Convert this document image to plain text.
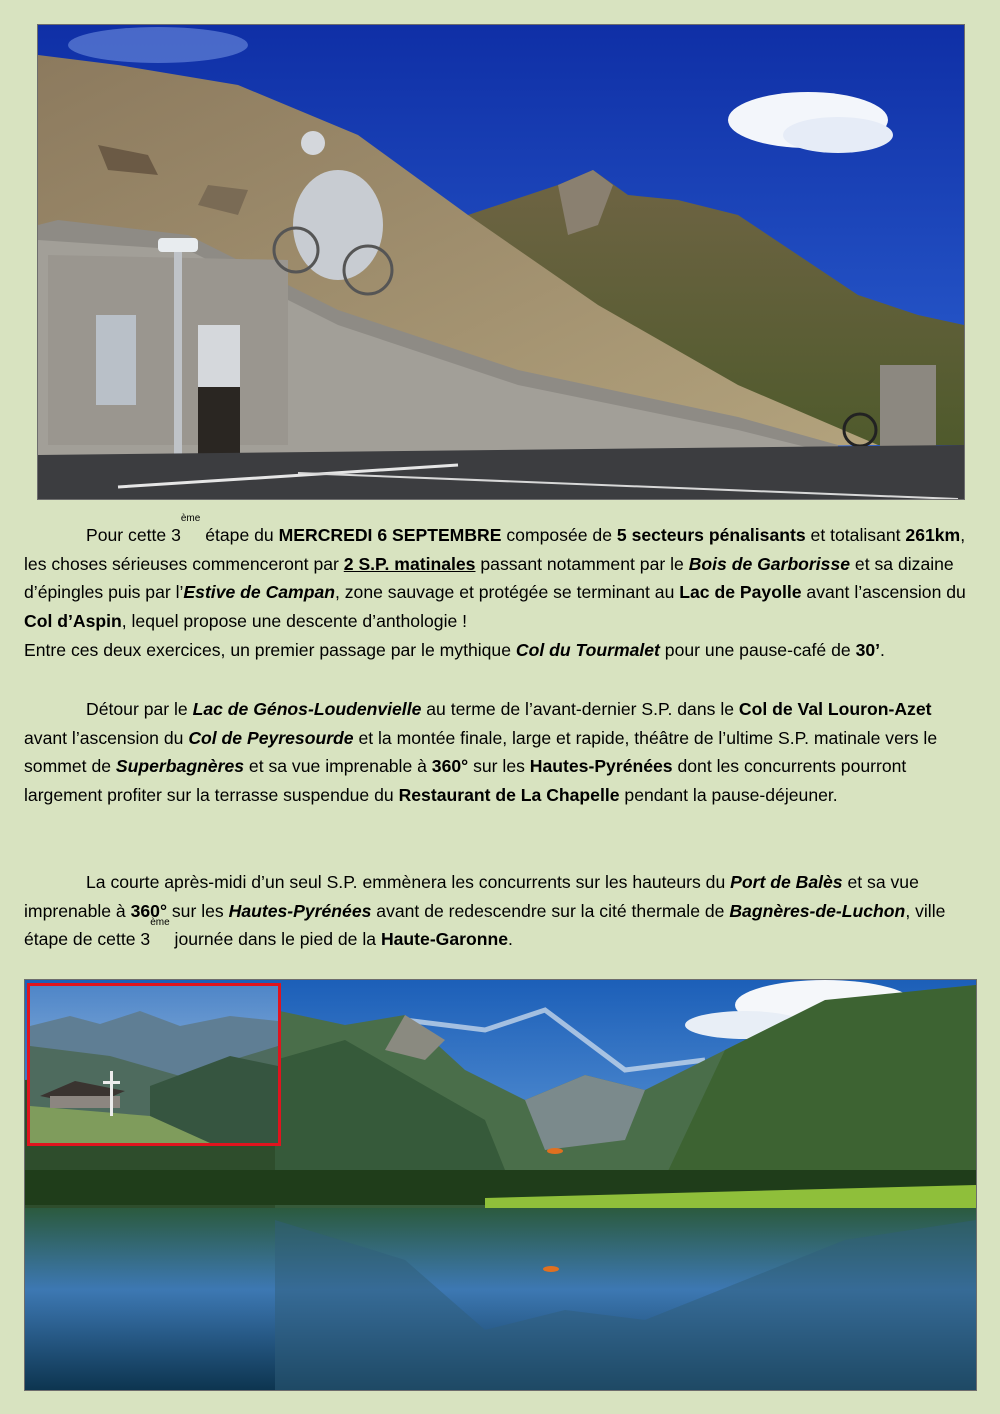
Pour cette 3ème étape du MERCREDI 6 SEPTEMBRE composée de 5 secteurs pénalisants et totalisant 261km, les choses sérieuses commenceront par 2 S.P. matinales passant notamment par le Bois de Garborisse et sa dizaine d’épingles puis par l’Estive de Campan, zone sauvage et protégée se terminant au Lac de Payolle avant l’ascension du Col d’Aspin, lequel propose une descente d’anthologie !

Entre ces deux exercices, un premier passage par le mythique Col du Tourmalet pour une pause-café de 30’.

Détour par le Lac de Génos-Loudenvielle au terme de l’avant-dernier S.P. dans le Col de Val Louron-Azet avant l’ascension du Col de Peyresourde et la montée finale, large et rapide, théâtre de l’ultime S.P. matinale vers le sommet de Superbagnères et sa vue imprenable à 360° sur les Hautes-Pyrénées dont les concurrents pourront largement profiter sur la terrasse suspendue du Restaurant de La Chapelle pendant la pause-déjeuner.

La courte après-midi d’un seul S.P. emmènera les concurrents sur les hauteurs du Port de Balès et sa vue imprenable à 360° sur les Hautes-Pyrénées avant de redescendre sur la cité thermale de Bagnères-de-Luchon, ville étape de cette 3ème journée dans le pied de la Haute-Garonne.
